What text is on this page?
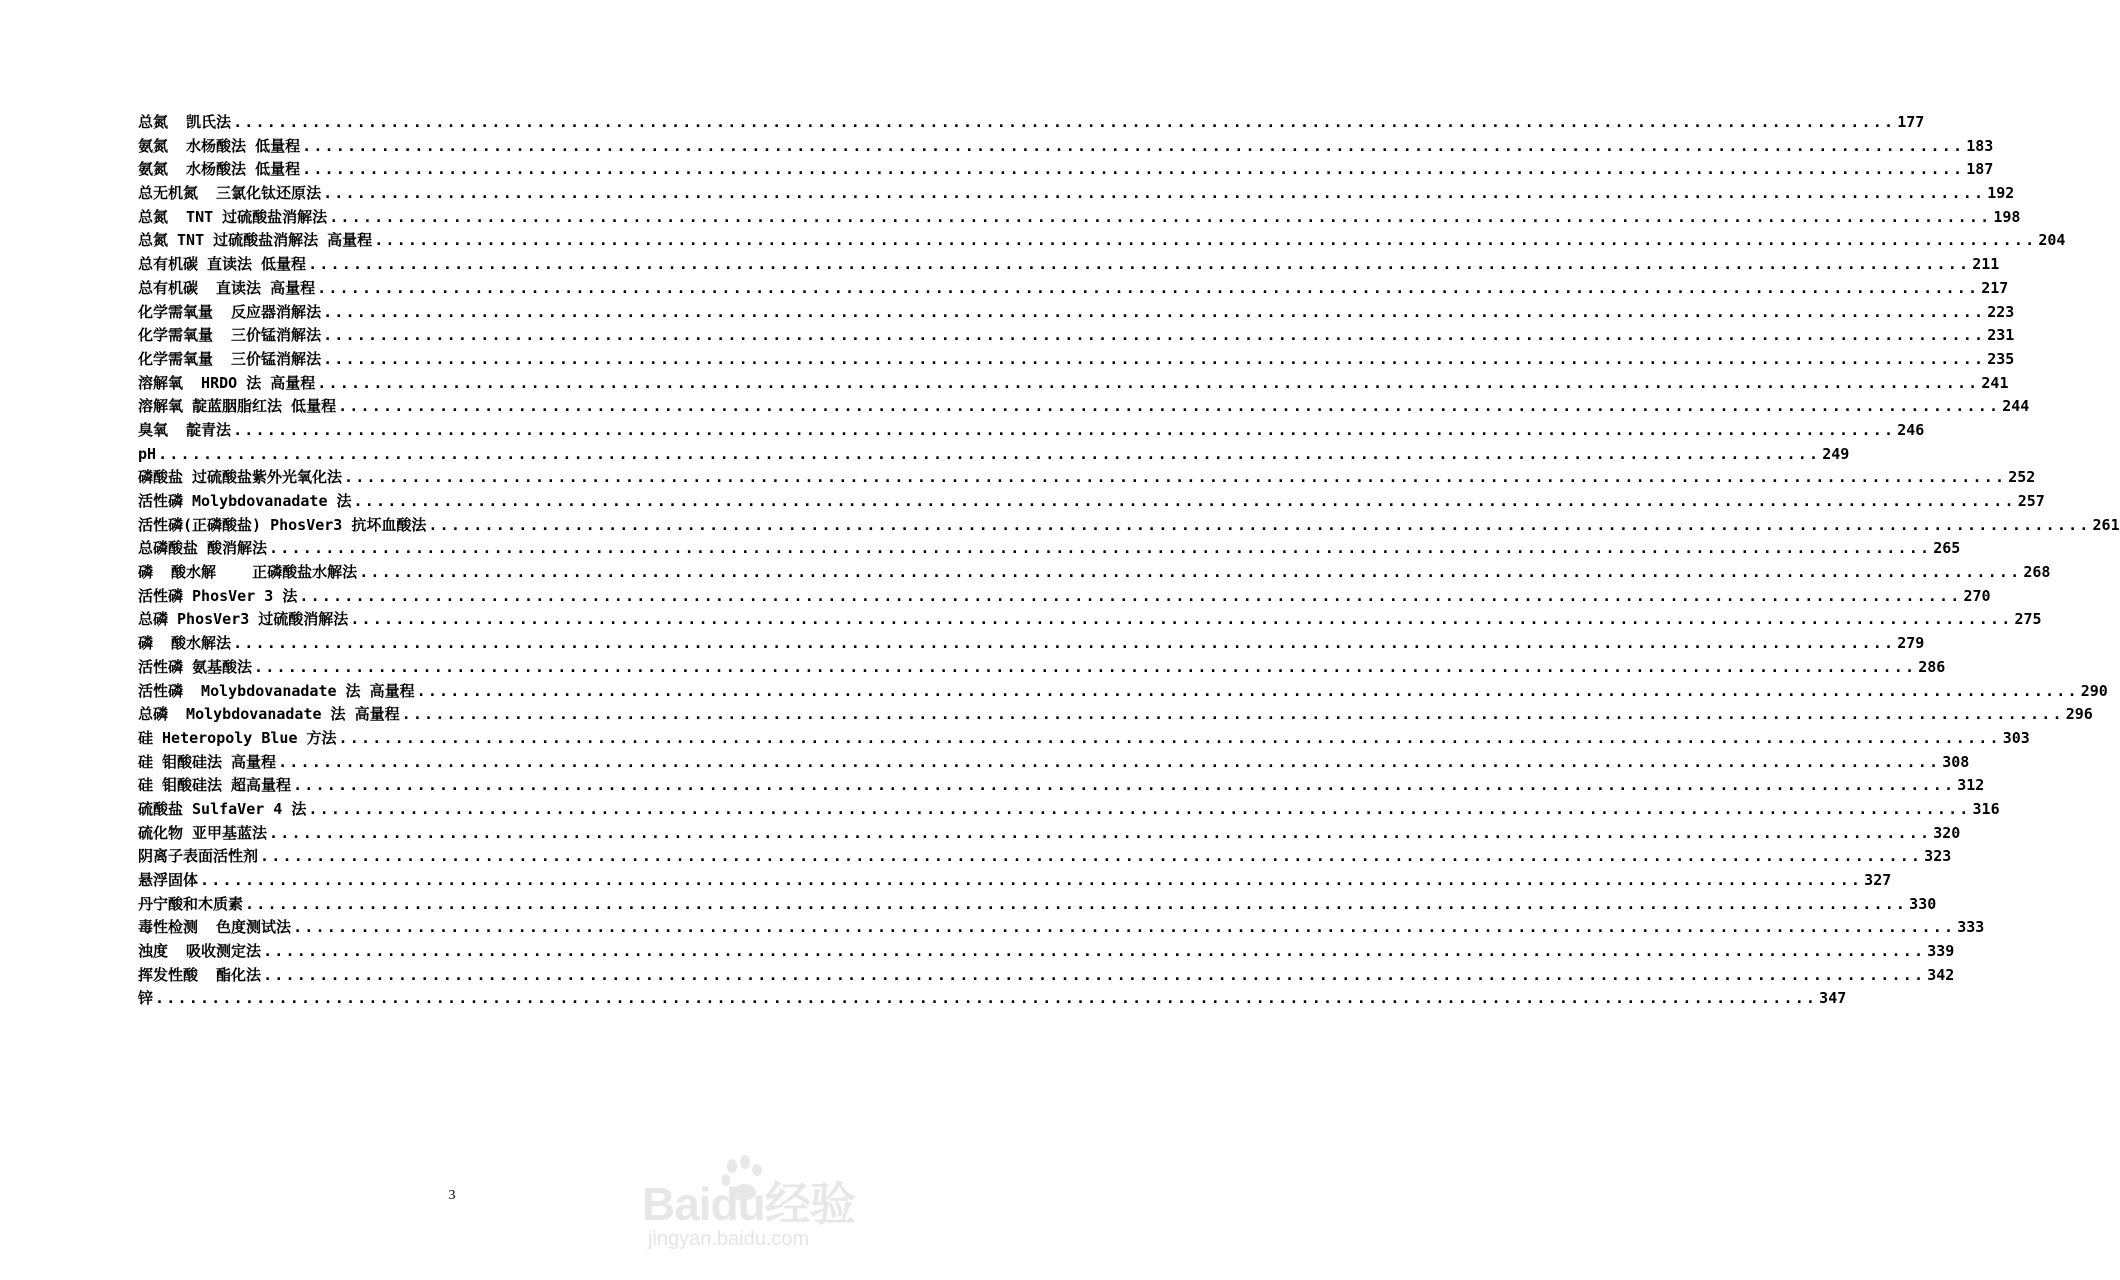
总氮  凯氏法 .................................................................................................................................................... 177
氨氮  水杨酸法 低量程 .................................................................................................................................................... 183
氨氮  水杨酸法 低量程 .................................................................................................................................................... 187
总无机氮  三氯化钛还原法 .................................................................................................................................................... 192
总氮  TNT 过硫酸盐消解法 .................................................................................................................................................... 198
总氮 TNT 过硫酸盐消解法 高量程 .................................................................................................................................................... 204
总有机碳 直读法 低量程 .................................................................................................................................................... 211
总有机碳  直读法 高量程 .................................................................................................................................................... 217
化学需氧量  反应器消解法 .................................................................................................................................................... 223
化学需氧量  三价锰消解法 .................................................................................................................................................... 231
化学需氧量  三价锰消解法 .................................................................................................................................................... 235
溶解氧  HRDO 法 高量程 .................................................................................................................................................... 241
溶解氧 靛蓝胭脂红法 低量程 .................................................................................................................................................... 244
臭氧  靛青法 .................................................................................................................................................... 246
pH .................................................................................................................................................... 249
磷酸盐 过硫酸盐紫外光氧化法 .................................................................................................................................................... 252
活性磷 Molybdovanadate 法 .................................................................................................................................................... 257
活性磷(正磷酸盐) PhosVer3 抗坏血酸法 .................................................................................................................................................... 261
总磷酸盐 酸消解法 .................................................................................................................................................... 265
磷  酸水解    正磷酸盐水解法 .................................................................................................................................................... 268
活性磷 PhosVer 3 法 .................................................................................................................................................... 270
总磷 PhosVer3 过硫酸消解法 .................................................................................................................................................... 275
磷  酸水解法 .................................................................................................................................................... 279
活性磷 氨基酸法 .................................................................................................................................................... 286
活性磷  Molybdovanadate 法 高量程 .................................................................................................................................................... 290
总磷  Molybdovanadate 法 高量程 .................................................................................................................................................... 296
硅 Heteropoly Blue 方法 .................................................................................................................................................... 303
硅 钼酸硅法 高量程 .................................................................................................................................................... 308
硅 钼酸硅法 超高量程 .................................................................................................................................................... 312
硫酸盐 SulfaVer 4 法 .................................................................................................................................................... 316
硫化物 亚甲基蓝法 .................................................................................................................................................... 320
阴离子表面活性剂 .................................................................................................................................................... 323
悬浮固体 .................................................................................................................................................... 327
丹宁酸和木质素 .................................................................................................................................................... 330
毒性检测  色度测试法 .................................................................................................................................................... 333
浊度  吸收测定法 .................................................................................................................................................... 339
挥发性酸  酯化法 .................................................................................................................................................... 342
锌 .................................................................................................................................................... 347
3	Baidu经验
jingyan.baidu.com
